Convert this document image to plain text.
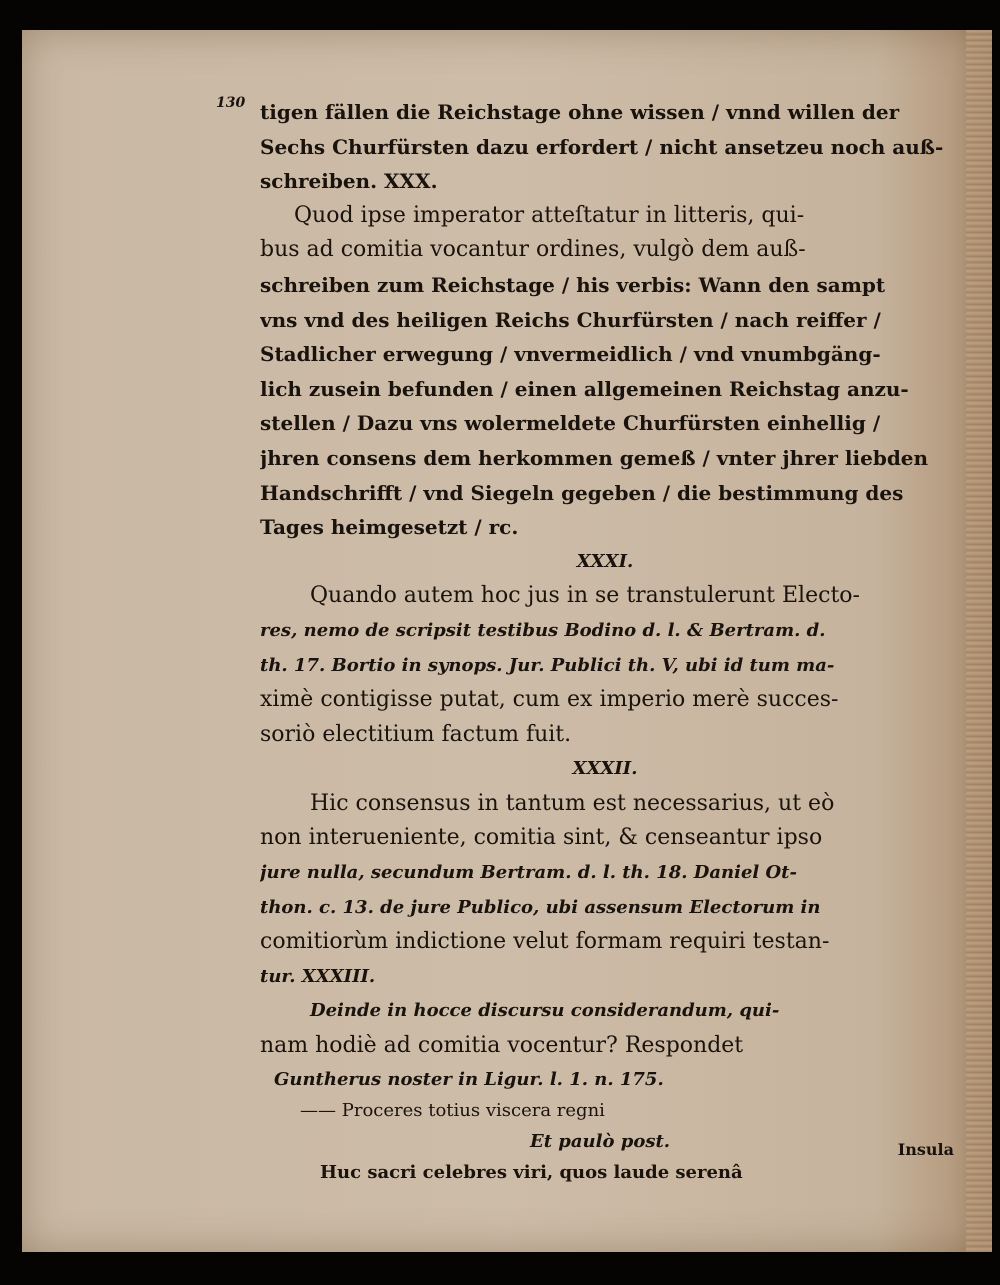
130 tigen fällen die Reichstage ohne wissen / vnnd willen der
Sechs Churfürsten dazu erfordert / nicht ansetzeu noch auß-
schreiben. XXX.
Quod ipse imperator atteſtatur in litteris, qui-
bus ad comitia vocantur ordines, vulgò dem auß-
schreiben zum Reichstage / his verbis: Wann den sampt
vns vnd des heiligen Reichs Churfürsten / nach reiffer /
Stadlicher erwegung / vnvermeidlich / vnd vnumbgäng-
lich zusein befunden / einen allgemeinen Reichstag anzu-
stellen / Dazu vns wolermeldete Churfürsten einhellig /
jhren consens dem herkommen gemeß / vnter jhrer liebden
Handschrifft / vnd Siegeln gegeben / die bestimmung des
Tages heimgesetzt / rc.
XXXI.
Quando autem hoc jus in se transtulerunt Electo-
res, nemo de scripsit testibus Bodino d. l. & Bertram. d.
th. 17. Bortio in synops. Jur. Publici th. V, ubi id tum ma-
ximè contigisse putat, cum ex imperio merè succes-
soriò electitium factum fuit.
XXXII.
Hic consensus in tantum est necessarius, ut eò
non interueniente, comitia sint, & censeantur ipso
jure nulla, secundum Bertram. d. l. th. 18. Daniel Ot-
thon. c. 13. de jure Publico, ubi assensum Electorum in
comitiorùm indictione velut formam requiri testan-
tur. XXXIII.
Deinde in hocce discursu considerandum, qui-
nam hodiè ad comitia vocentur? Respondet
Guntherus noster in Ligur. l. 1. n. 175.
—— Proceres totius viscera regni
Et paulò post.
Huc sacri celebres viri, quos laude serenâ
Insula
